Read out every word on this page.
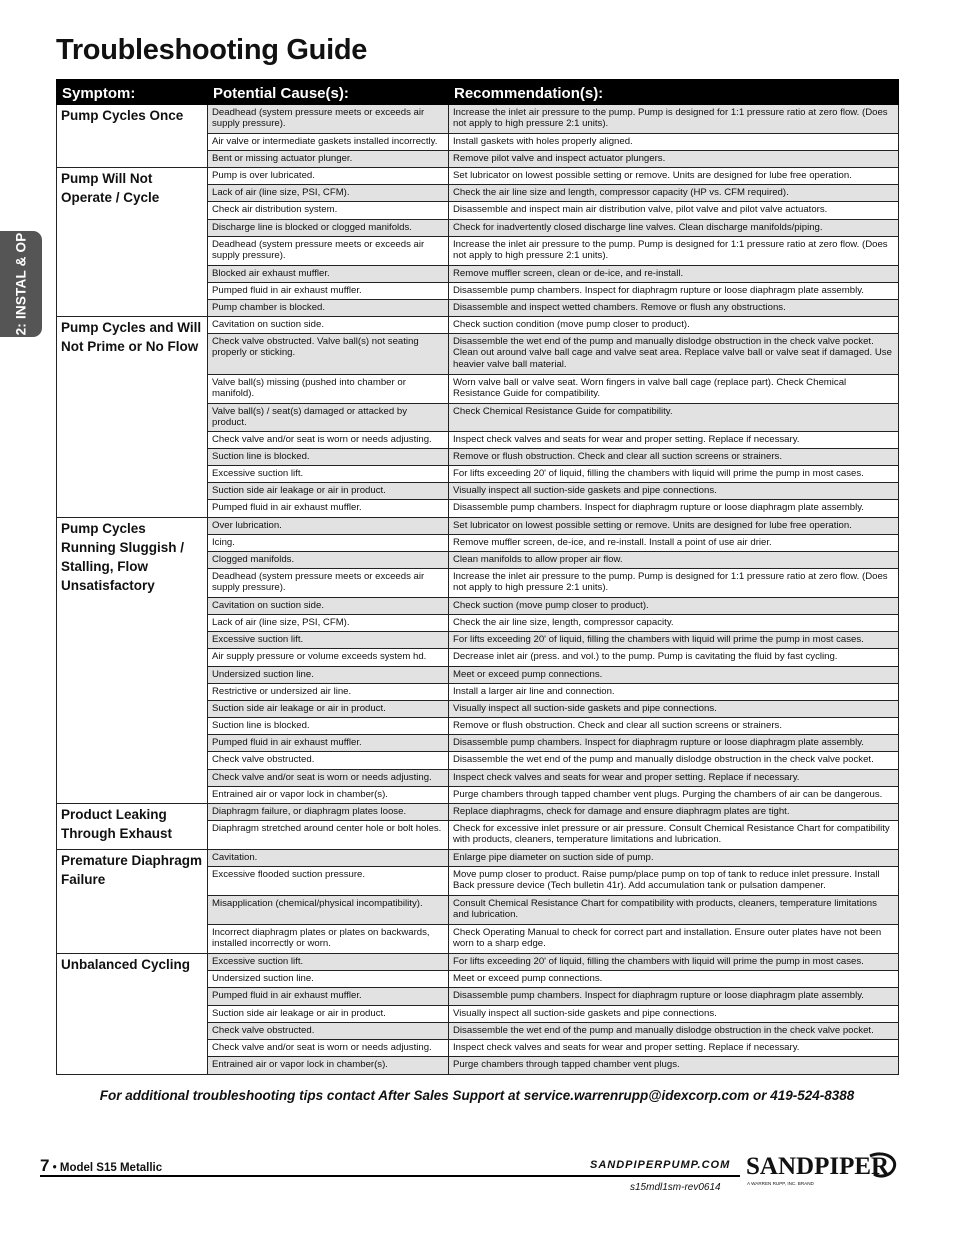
Troubleshooting Guide
2: INSTAL & OP
Symptom:	Potential Cause(s):	Recommendation(s):
Pump Cycles Once	Deadhead (system pressure meets or exceeds air supply pressure).	Increase the inlet air pressure to the pump. Pump is designed for 1:1 pressure ratio at zero flow. (Does not apply to high pressure 2:1 units).
	Air valve or intermediate gaskets installed incorrectly.	Install gaskets with holes properly aligned.
	Bent or missing actuator plunger.	Remove pilot valve and inspect actuator plungers.
Pump Will Not Operate / Cycle	Pump is over lubricated.	Set lubricator on lowest possible setting or remove. Units are designed for lube free operation.
	Lack of air (line size, PSI, CFM).	Check the air line size and length, compressor capacity (HP vs. CFM required).
	Check air distribution system.	Disassemble and inspect main air distribution valve, pilot valve and pilot valve actuators.
	Discharge line is blocked or clogged manifolds.	Check for inadvertently closed discharge line valves. Clean discharge manifolds/piping.
	Deadhead (system pressure meets or exceeds air supply pressure).	Increase the inlet air pressure to the pump. Pump is designed for 1:1 pressure ratio at zero flow. (Does not apply to high pressure 2:1 units).
	Blocked air exhaust muffler.	Remove muffler screen, clean or de-ice, and re-install.
	Pumped fluid in air exhaust muffler.	Disassemble pump chambers. Inspect for diaphragm rupture or loose diaphragm plate assembly.
	Pump chamber is blocked.	Disassemble and inspect wetted chambers. Remove or flush any obstructions.
Pump Cycles and Will Not Prime or No Flow	Cavitation on suction side.	Check suction condition (move pump closer to product).
	Check valve obstructed. Valve ball(s) not seating properly or sticking.	Disassemble the wet end of the pump and manually dislodge obstruction in the check valve pocket. Clean out around valve ball cage and valve seat area. Replace valve ball or valve seat if damaged. Use heavier valve ball material.
	Valve ball(s) missing (pushed into chamber or manifold).	Worn valve ball or valve seat. Worn fingers in valve ball cage (replace part). Check Chemical Resistance Guide for compatibility.
	Valve ball(s) / seat(s) damaged or attacked by product.	Check Chemical Resistance Guide for compatibility.
	Check valve and/or seat is worn or needs adjusting.	Inspect check valves and seats for wear and proper setting. Replace if necessary.
	Suction line is blocked.	Remove or flush obstruction. Check and clear all suction screens or strainers.
	Excessive suction lift.	For lifts exceeding 20' of liquid, filling the chambers with liquid will prime the pump in most cases.
	Suction side air leakage or air in product.	Visually inspect all suction-side gaskets and pipe connections.
	Pumped fluid in air exhaust muffler.	Disassemble pump chambers. Inspect for diaphragm rupture or loose diaphragm plate assembly.
Pump Cycles Running Sluggish / Stalling, Flow Unsatisfactory	Over lubrication.	Set lubricator on lowest possible setting or remove. Units are designed for lube free operation.
	Icing.	Remove muffler screen, de-ice, and re-install. Install a point of use air drier.
	Clogged manifolds.	Clean manifolds to allow proper air flow.
	Deadhead (system pressure meets or exceeds air supply pressure).	Increase the inlet air pressure to the pump. Pump is designed for 1:1 pressure ratio at zero flow. (Does not apply to high pressure 2:1 units).
	Cavitation on suction side.	Check suction (move pump closer to product).
	Lack of air (line size, PSI, CFM).	Check the air line size, length, compressor capacity.
	Excessive suction lift.	For lifts exceeding 20' of liquid, filling the chambers with liquid will prime the pump in most cases.
	Air supply pressure or volume exceeds system hd.	Decrease inlet air (press. and vol.) to the pump. Pump is cavitating the fluid by fast cycling.
	Undersized suction line.	Meet or exceed pump connections.
	Restrictive or undersized air line.	Install a larger air line and connection.
	Suction side air leakage or air in product.	Visually inspect all suction-side gaskets and pipe connections.
	Suction line is blocked.	Remove or flush obstruction. Check and clear all suction screens or strainers.
	Pumped fluid in air exhaust muffler.	Disassemble pump chambers. Inspect for diaphragm rupture or loose diaphragm plate assembly.
	Check valve obstructed.	Disassemble the wet end of the pump and manually dislodge obstruction in the check valve pocket.
	Check valve and/or seat is worn or needs adjusting.	Inspect check valves and seats for wear and proper setting. Replace if necessary.
	Entrained air or vapor lock in chamber(s).	Purge chambers through tapped chamber vent plugs. Purging the chambers of air can be dangerous.
Product Leaking Through Exhaust	Diaphragm failure, or diaphragm plates loose.	Replace diaphragms, check for damage and ensure diaphragm plates are tight.
	Diaphragm stretched around center hole or bolt holes.	Check for excessive inlet pressure or air pressure. Consult Chemical Resistance Chart for compatibility with products, cleaners, temperature limitations and lubrication.
Premature Diaphragm Failure	Cavitation.	Enlarge pipe diameter on suction side of pump.
	Excessive flooded suction pressure.	Move pump closer to product. Raise pump/place pump on top of tank to reduce inlet pressure. Install Back pressure device (Tech bulletin 41r). Add accumulation tank or pulsation dampener.
	Misapplication (chemical/physical incompatibility).	Consult Chemical Resistance Chart for compatibility with products, cleaners, temperature limitations and lubrication.
	Incorrect diaphragm plates or plates on backwards, installed incorrectly or worn.	Check Operating Manual to check for correct part and installation. Ensure outer plates have not been worn to a sharp edge.
Unbalanced Cycling	Excessive suction lift.	For lifts exceeding 20' of liquid, filling the chambers with liquid will prime the pump in most cases.
	Undersized suction line.	Meet or exceed pump connections.
	Pumped fluid in air exhaust muffler.	Disassemble pump chambers. Inspect for diaphragm rupture or loose diaphragm plate assembly.
	Suction side air leakage or air in product.	Visually inspect all suction-side gaskets and pipe connections.
	Check valve obstructed.	Disassemble the wet end of the pump and manually dislodge obstruction in the check valve pocket.
	Check valve and/or seat is worn or needs adjusting.	Inspect check valves and seats for wear and proper setting. Replace if necessary.
	Entrained air or vapor lock in chamber(s).	Purge chambers through tapped chamber vent plugs.
For additional troubleshooting tips contact After Sales Support at service.warrenrupp@idexcorp.com or 419-524-8388
7 • Model S15 Metallic	SANDPIPERPUMP.COM
s15mdl1sm-rev0614
SANDPIPER
A WARREN RUPP, INC. BRAND
